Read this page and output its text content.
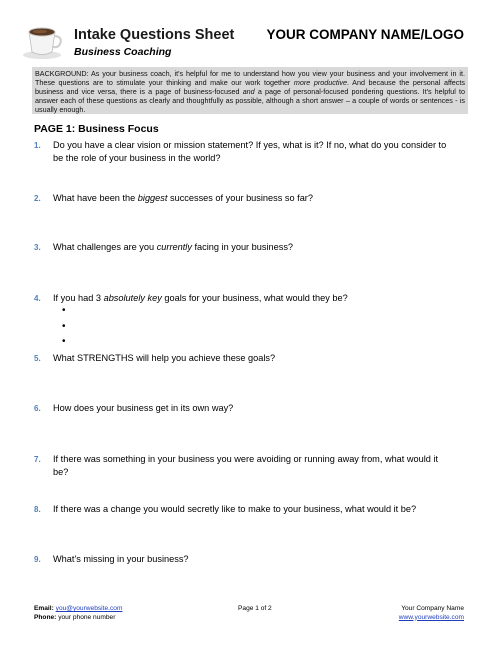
Intake Questions Sheet
Business Coaching
YOUR COMPANY NAME/LOGO
BACKGROUND: As your business coach, it's helpful for me to understand how you view your business and your involvement in it. These questions are to stimulate your thinking and make our work together more productive. And because the personal affects business and vice versa, there is a page of business-focused and a page of personal-focused pondering questions. It's helpful to answer each of these questions as clearly and thoughtfully as possible, although a short answer – a couple of words or sentences - is usually enough.
PAGE 1: Business Focus
1. Do you have a clear vision or mission statement? If yes, what is it? If no, what do you consider to be the role of your business in the world?
2. What have been the biggest successes of your business so far?
3. What challenges are you currently facing in your business?
4. If you had 3 absolutely key goals for your business, what would they be?
•
•
•
5. What STRENGTHS will help you achieve these goals?
6. How does your business get in its own way?
7. If there was something in your business you were avoiding or running away from, what would it be?
8. If there was a change you would secretly like to make to your business, what would it be?
9. What's missing in your business?
Email: you@yourwebsite.com
Phone: your phone number
Page 1 of 2	Your Company Name
www.yourwebsite.com
